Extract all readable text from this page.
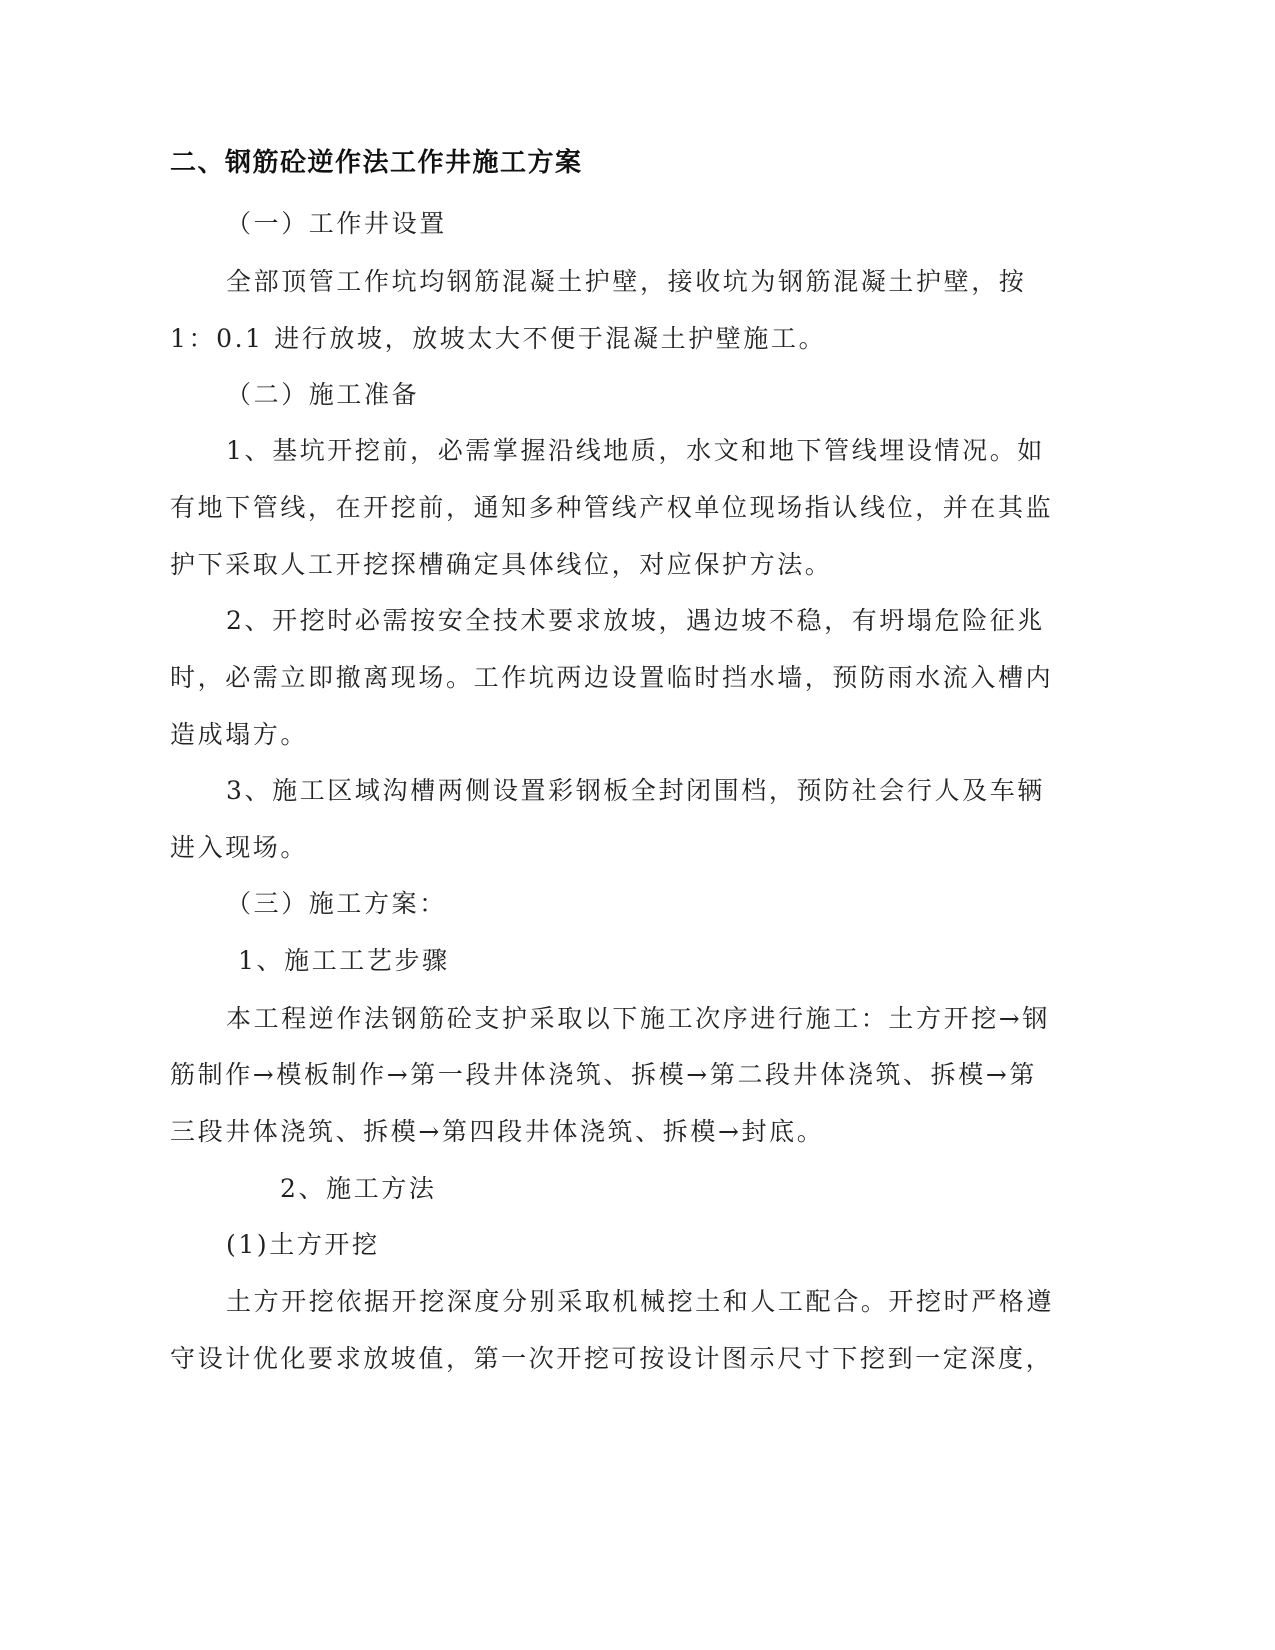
二、钢筋砼逆作法工作井施工方案
（一）工作井设置
全部顶管工作坑均钢筋混凝土护壁，接收坑为钢筋混凝土护壁，按
1：0.1 进行放坡，放坡太大不便于混凝土护壁施工。
（二）施工准备
1、基坑开挖前，必需掌握沿线地质，水文和地下管线埋设情况。如
有地下管线，在开挖前，通知多种管线产权单位现场指认线位，并在其监
护下采取人工开挖探槽确定具体线位，对应保护方法。
2、开挖时必需按安全技术要求放坡，遇边坡不稳，有坍塌危险征兆
时，必需立即撤离现场。工作坑两边设置临时挡水墙，预防雨水流入槽内
造成塌方。
3、施工区域沟槽两侧设置彩钢板全封闭围档，预防社会行人及车辆
进入现场。
（三）施工方案：
1、施工工艺步骤
本工程逆作法钢筋砼支护采取以下施工次序进行施工：土方开挖→钢
筋制作→模板制作→第一段井体浇筑、拆模→第二段井体浇筑、拆模→第
三段井体浇筑、拆模→第四段井体浇筑、拆模→封底。
2、施工方法
(1)土方开挖
土方开挖依据开挖深度分别采取机械挖土和人工配合。开挖时严格遵
守设计优化要求放坡值，第一次开挖可按设计图示尺寸下挖到一定深度，
